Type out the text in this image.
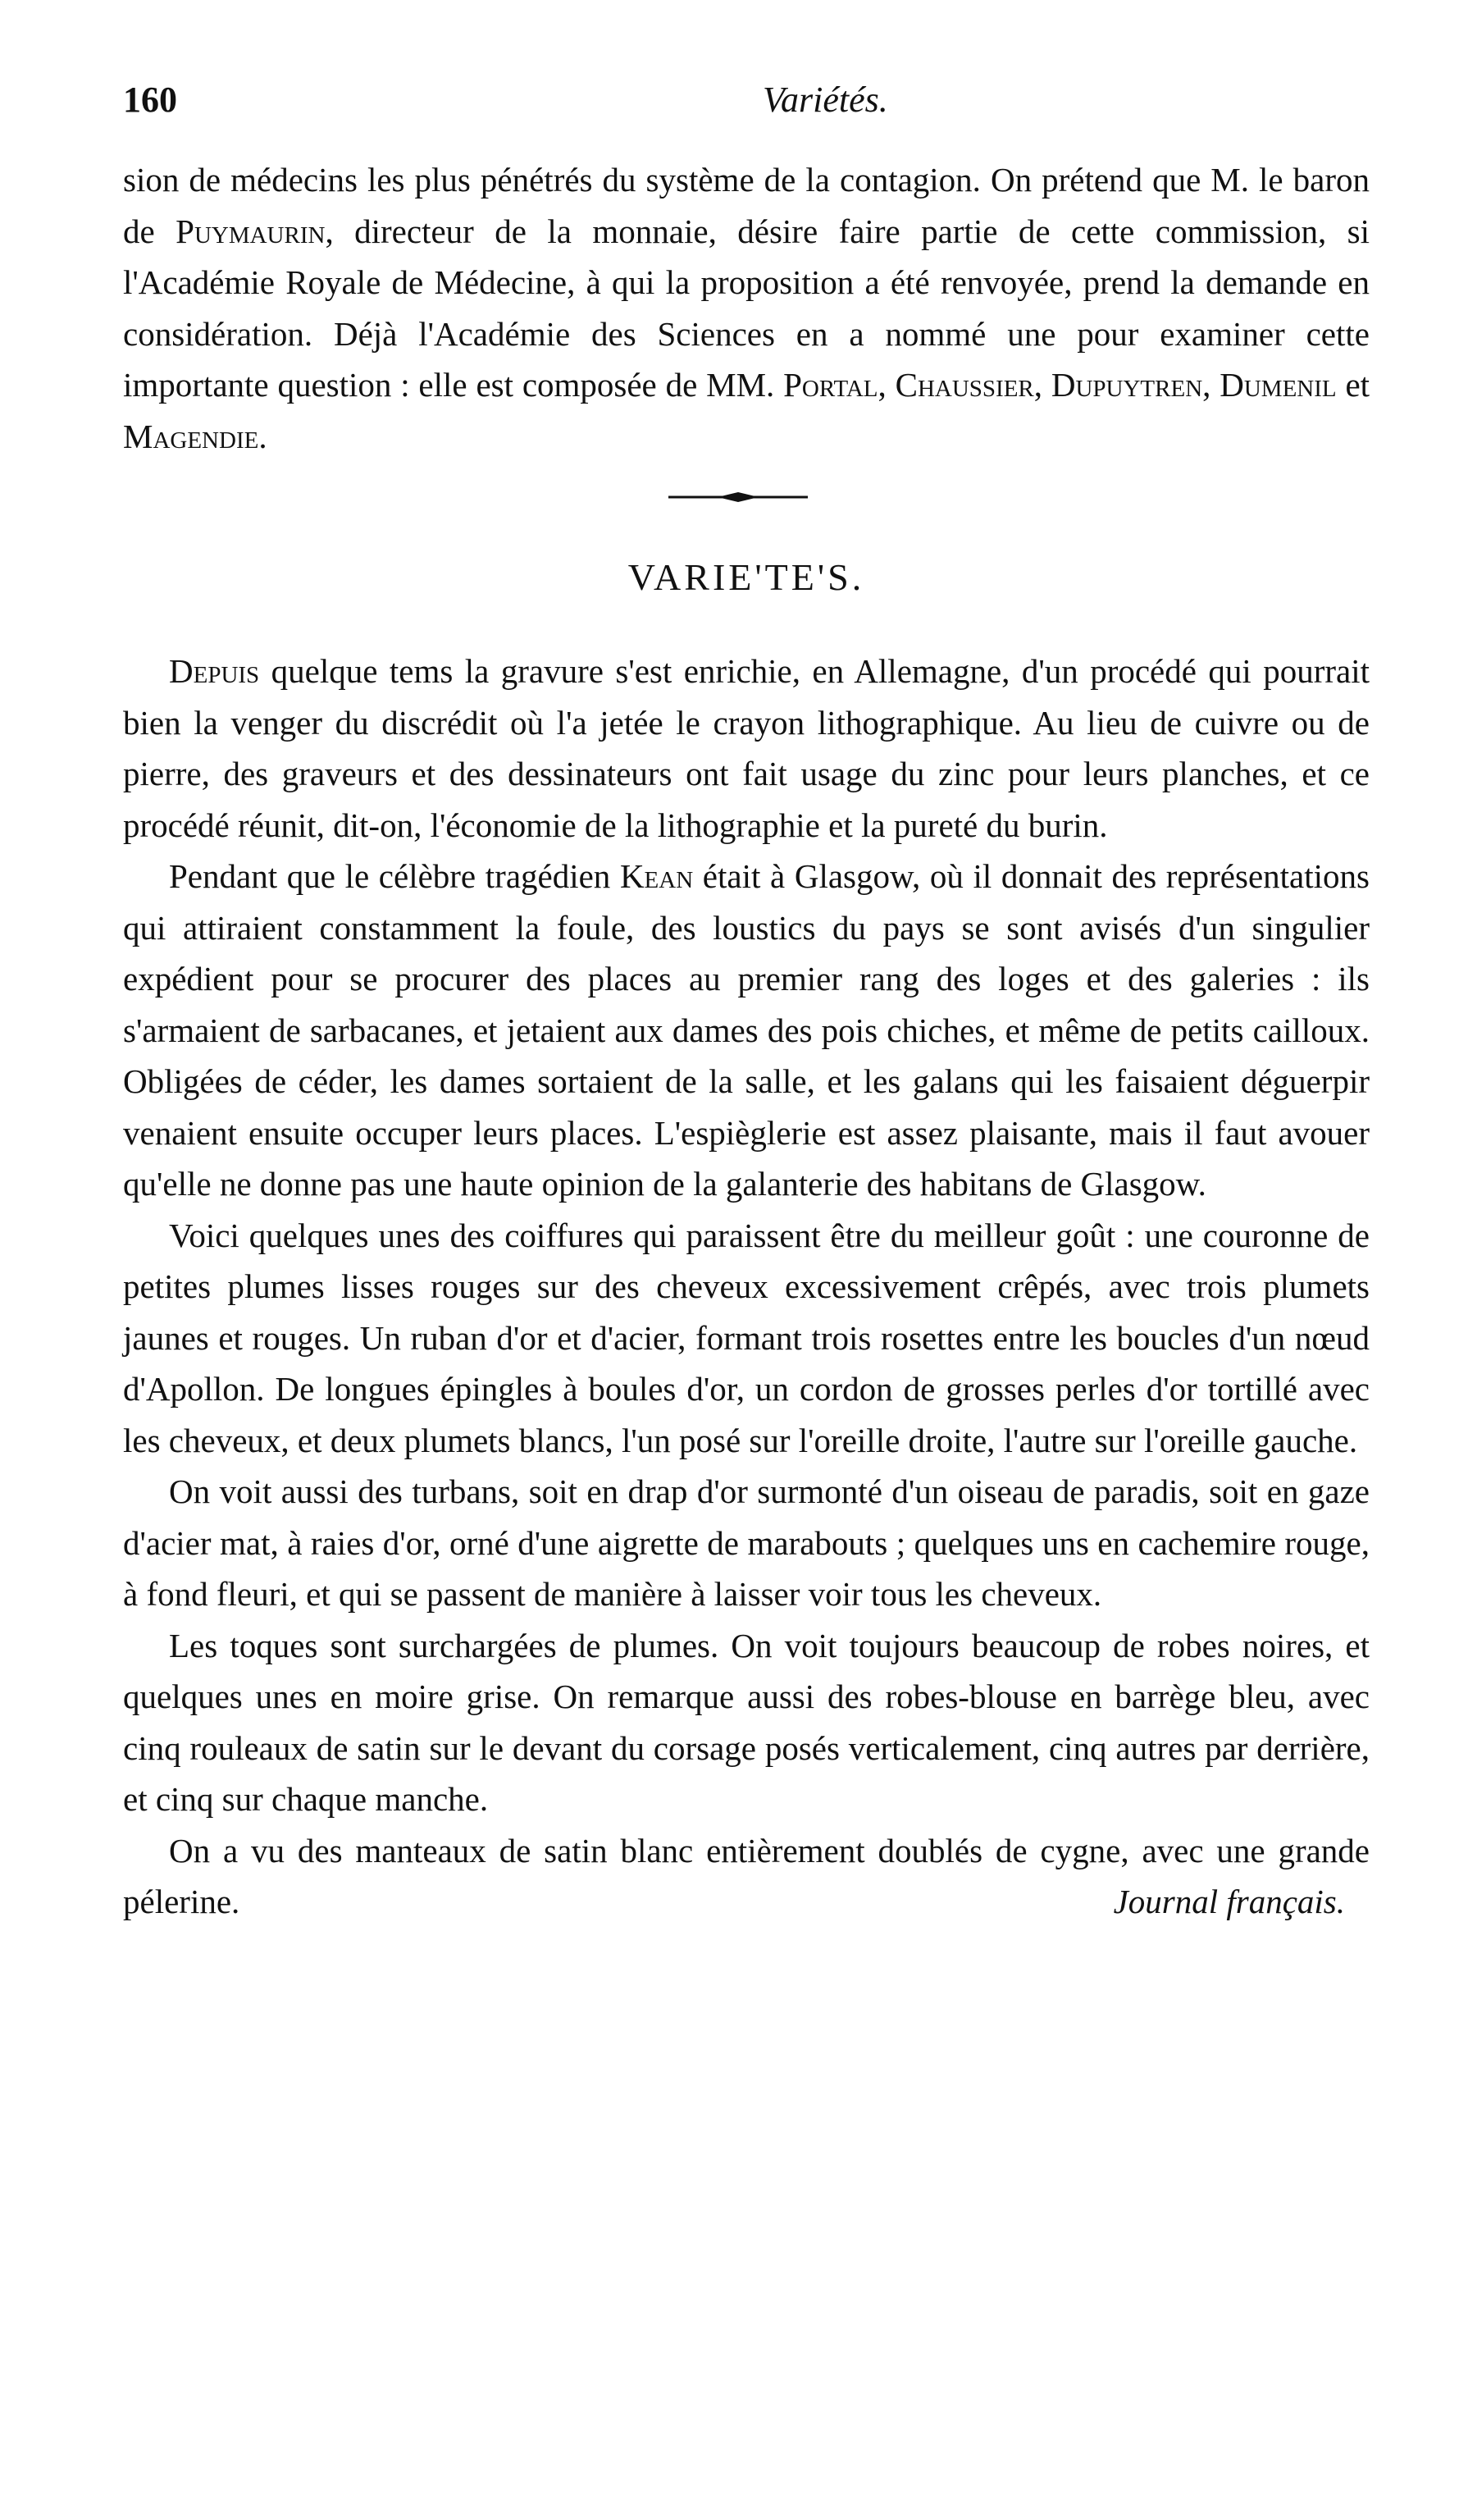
160	Variétés.

sion de médecins les plus pénétrés du système de la contagion. On prétend que M. le baron de Puymaurin, directeur de la monnaie, désire faire partie de cette commission, si l'Académie Royale de Médecine, à qui la proposition a été renvoyée, prend la demande en considération. Déjà l'Académie des Sciences en a nommé une pour examiner cette importante question : elle est composée de MM. Portal, Chaussier, Dupuytren, Dumenil et Magendie.

VARIE'TE'S.

Depuis quelque tems la gravure s'est enrichie, en Allemagne, d'un procédé qui pourrait bien la venger du discrédit où l'a jetée le crayon lithographique. Au lieu de cuivre ou de pierre, des graveurs et des dessinateurs ont fait usage du zinc pour leurs planches, et ce procédé réunit, dit-on, l'économie de la lithographie et la pureté du burin.

Pendant que le célèbre tragédien Kean était à Glasgow, où il donnait des représentations qui attiraient constamment la foule, des loustics du pays se sont avisés d'un singulier expédient pour se procurer des places au premier rang des loges et des galeries : ils s'armaient de sarbacanes, et jetaient aux dames des pois chiches, et même de petits cailloux. Obligées de céder, les dames sortaient de la salle, et les galans qui les faisaient déguerpir venaient ensuite occuper leurs places. L'espièglerie est assez plaisante, mais il faut avouer qu'elle ne donne pas une haute opinion de la galanterie des habitans de Glasgow.

Voici quelques unes des coiffures qui paraissent être du meilleur goût : une couronne de petites plumes lisses rouges sur des cheveux excessivement crêpés, avec trois plumets jaunes et rouges. Un ruban d'or et d'acier, formant trois rosettes entre les boucles d'un nœud d'Apollon. De longues épingles à boules d'or, un cordon de grosses perles d'or tortillé avec les cheveux, et deux plumets blancs, l'un posé sur l'oreille droite, l'autre sur l'oreille gauche.

On voit aussi des turbans, soit en drap d'or surmonté d'un oiseau de paradis, soit en gaze d'acier mat, à raies d'or, orné d'une aigrette de marabouts ; quelques uns en cachemire rouge, à fond fleuri, et qui se passent de manière à laisser voir tous les cheveux.

Les toques sont surchargées de plumes. On voit toujours beaucoup de robes noires, et quelques unes en moire grise. On remarque aussi des robes-blouse en barrège bleu, avec cinq rouleaux de satin sur le devant du corsage posés verticalement, cinq autres par derrière, et cinq sur chaque manche.

On a vu des manteaux de satin blanc entièrement doublés de cygne, avec une grande pélerine.	Journal français.
